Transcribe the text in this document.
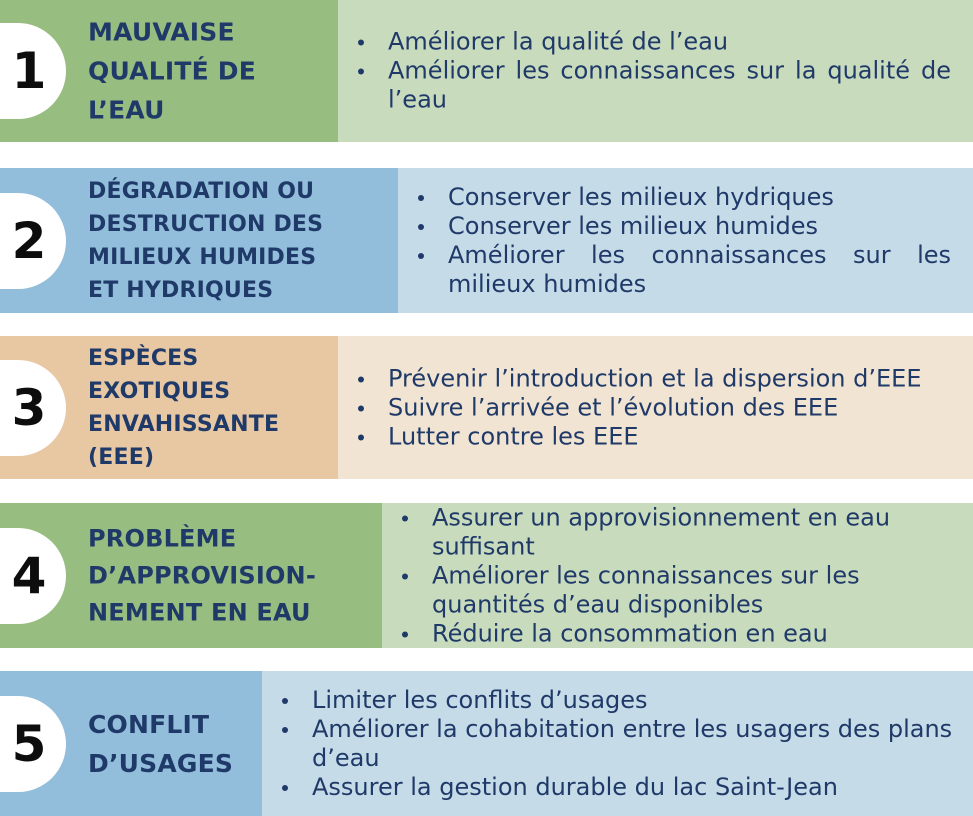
1
MAUVAISE
QUALITÉ DE
L’EAU
Améliorer la qualité de l’eau
Améliorer les connaissances sur la qualité de l’eau
2
DÉGRADATION OU
DESTRUCTION DES
MILIEUX HUMIDES
ET HYDRIQUES
Conserver les milieux hydriques
Conserver les milieux humides
Améliorer les connaissances sur les milieux humides
3
ESPÈCES
EXOTIQUES
ENVAHISSANTE
(EEE)
Prévenir l’introduction et la dispersion d’EEE
Suivre l’arrivée et l’évolution des EEE
Lutter contre les EEE
4
PROBLÈME
D’APPROVISION-
NEMENT EN EAU
Assurer un approvisionnement en eau suffisant
Améliorer les connaissances sur les quantités d’eau disponibles
Réduire la consommation en eau
5 CONFLIT
D’USAGES
Limiter les conflits d’usages
Améliorer la cohabitation entre les usagers des plans d’eau
Assurer la gestion durable du lac Saint-Jean
